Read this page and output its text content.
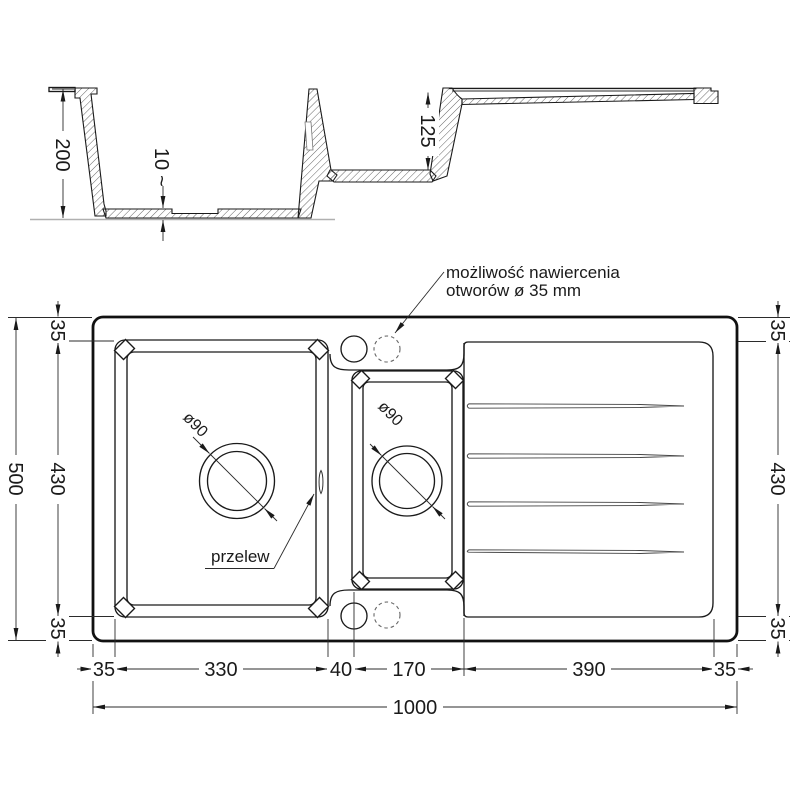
200	10
~
125
ø90	ø90
przelew
możliwość nawiercenia
otworów ø 35 mm
500
35
430
35
35
430
35
35	330	40 170	390	35
1000
